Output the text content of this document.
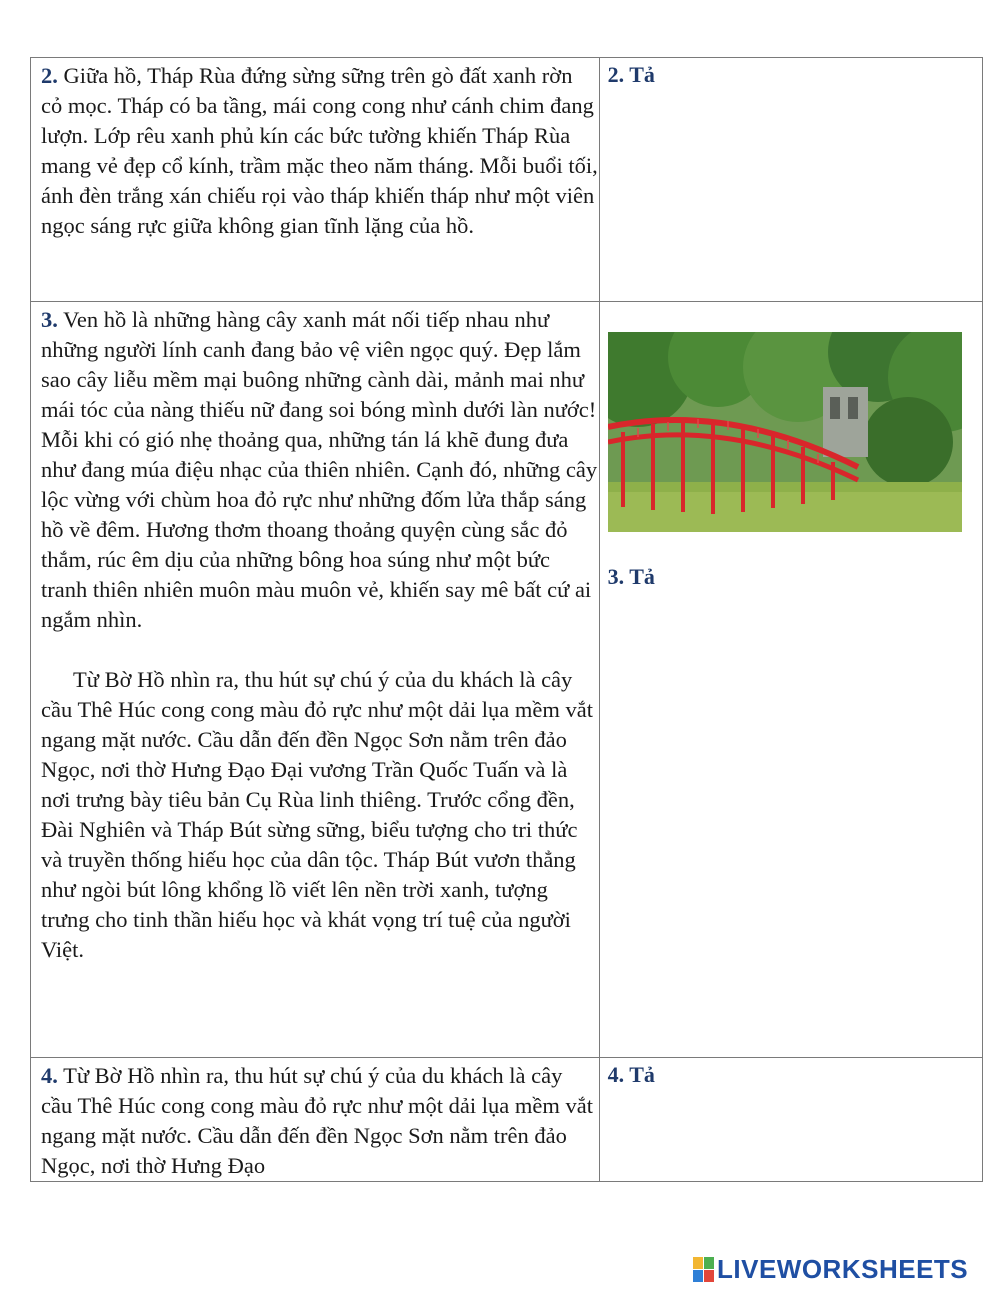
2. Giữa hồ, Tháp Rùa đứng sừng sững trên gò đất xanh rờn cỏ mọc. Tháp có ba tầng, mái cong cong như cánh chim đang lượn. Lớp rêu xanh phủ kín các bức tường khiến Tháp Rùa mang vẻ đẹp cổ kính, trầm mặc theo năm tháng. Mỗi buổi tối, ánh đèn trắng xán chiếu rọi vào tháp khiến tháp như một viên ngọc sáng rực giữa không gian tĩnh lặng của hồ.	2. Tả

3. Ven hồ là những hàng cây xanh mát nối tiếp nhau như những người lính canh đang bảo vệ viên ngọc quý. Đẹp lắm sao cây liễu mềm mại buông những cành dài, mảnh mai như mái tóc của nàng thiếu nữ đang soi bóng mình dưới làn nước! Mỗi khi có gió nhẹ thoảng qua, những tán lá khẽ đung đưa như đang múa điệu nhạc của thiên nhiên. Cạnh đó, những cây lộc vừng với chùm hoa đỏ rực như những đốm lửa thắp sáng hồ về đêm. Hương thơm thoang thoảng quyện cùng sắc đỏ thắm, rúc êm dịu của những bông hoa súng như một bức tranh thiên nhiên muôn màu muôn vẻ, khiến say mê bất cứ ai ngắm nhìn.

Từ Bờ Hồ nhìn ra, thu hút sự chú ý của du khách là cây cầu Thê Húc cong cong màu đỏ rực như một dải lụa mềm vắt ngang mặt nước. Cầu dẫn đến đền Ngọc Sơn nằm trên đảo Ngọc, nơi thờ Hưng Đạo Đại vương Trần Quốc Tuấn và là nơi trưng bày tiêu bản Cụ Rùa linh thiêng. Trước cổng đền, Đài Nghiên và Tháp Bút sừng sững, biểu tượng cho tri thức và truyền thống hiếu học của dân tộc. Tháp Bút vươn thẳng như ngòi bút lông khổng lồ viết lên nền trời xanh, tượng trưng cho tinh thần hiếu học và khát vọng trí tuệ của người Việt.	3. Tả

4. Từ Bờ Hồ nhìn ra, thu hút sự chú ý của du khách là cây cầu Thê Húc cong cong màu đỏ rực như một dải lụa mềm vắt ngang mặt nước. Cầu dẫn đến đền Ngọc Sơn nằm trên đảo Ngọc, nơi thờ Hưng Đạo	4. Tả
LIVEWORKSHEETS
